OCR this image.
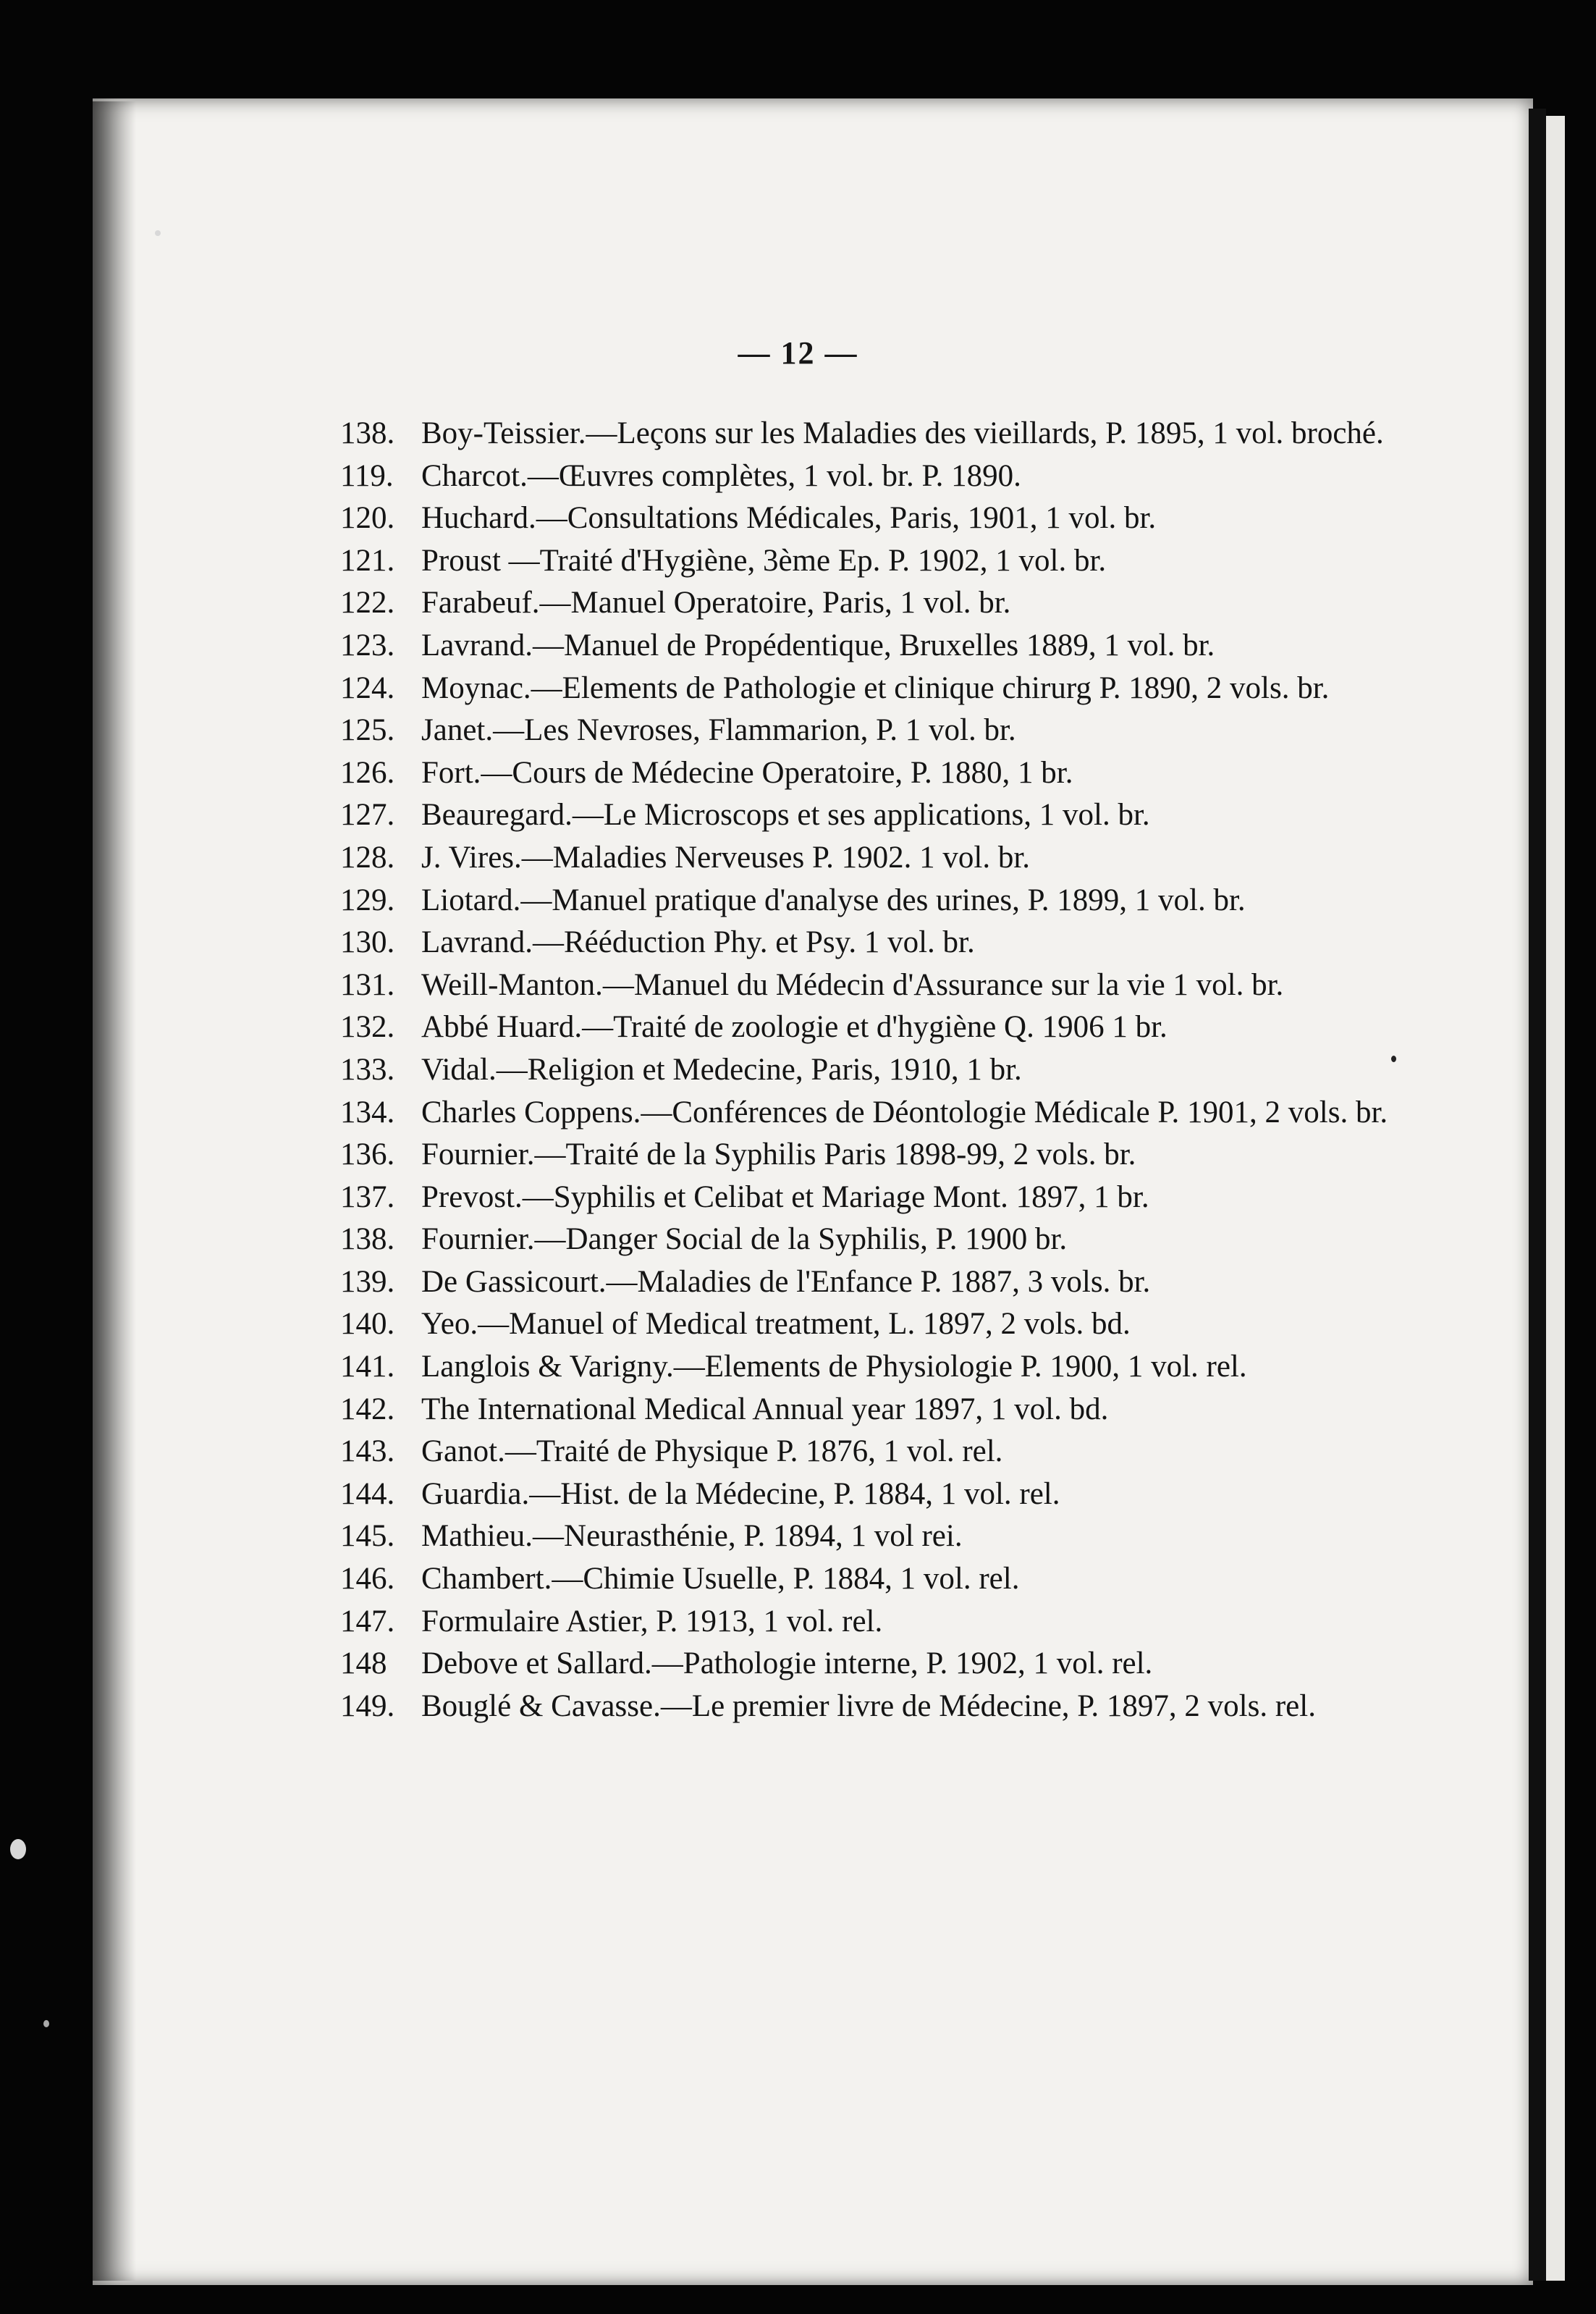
— 12 —
138. Boy-Teissier.—Leçons sur les Maladies des vieillards, P. 1895, 1 vol. broché.
119. Charcot.—Œuvres complètes, 1 vol. br. P. 1890.
120. Huchard.—Consultations Médicales, Paris, 1901, 1 vol. br.
121. Proust —Traité d'Hygiène, 3ème Ep. P. 1902, 1 vol. br.
122. Farabeuf.—Manuel Operatoire, Paris, 1 vol. br.
123. Lavrand.—Manuel de Propédentique, Bruxelles 1889, 1 vol. br.
124. Moynac.—Elements de Pathologie et clinique chirurg P. 1890, 2 vols. br.
125. Janet.—Les Nevroses, Flammarion, P. 1 vol. br.
126. Fort.—Cours de Médecine Operatoire, P. 1880, 1 br.
127. Beauregard.—Le Microscops et ses applications, 1 vol. br.
128. J. Vires.—Maladies Nerveuses P. 1902. 1 vol. br.
129. Liotard.—Manuel pratique d'analyse des urines, P. 1899, 1 vol. br.
130. Lavrand.—Rééduction Phy. et Psy. 1 vol. br.
131. Weill-Manton.—Manuel du Médecin d'Assurance sur la vie 1 vol. br.
132. Abbé Huard.—Traité de zoologie et d'hygiène Q. 1906 1 br.
133. Vidal.—Religion et Medecine, Paris, 1910, 1 br.
134. Charles Coppens.—Conférences de Déontologie Médicale P. 1901, 2 vols. br.
136. Fournier.—Traité de la Syphilis Paris 1898-99, 2 vols. br.
137. Prevost.—Syphilis et Celibat et Mariage Mont. 1897, 1 br.
138. Fournier.—Danger Social de la Syphilis, P. 1900 br.
139. De Gassicourt.—Maladies de l'Enfance P. 1887, 3 vols. br.
140. Yeo.—Manuel of Medical treatment, L. 1897, 2 vols. bd.
141. Langlois & Varigny.—Elements de Physiologie P. 1900, 1 vol. rel.
142. The International Medical Annual year 1897, 1 vol. bd.
143. Ganot.—Traité de Physique P. 1876, 1 vol. rel.
144. Guardia.—Hist. de la Médecine, P. 1884, 1 vol. rel.
145. Mathieu.—Neurasthénie, P. 1894, 1 vol rei.
146. Chambert.—Chimie Usuelle, P. 1884, 1 vol. rel.
147. Formulaire Astier, P. 1913, 1 vol. rel.
148 Debove et Sallard.—Pathologie interne, P. 1902, 1 vol. rel.
149. Bouglé & Cavasse.—Le premier livre de Médecine, P. 1897, 2 vols. rel.
